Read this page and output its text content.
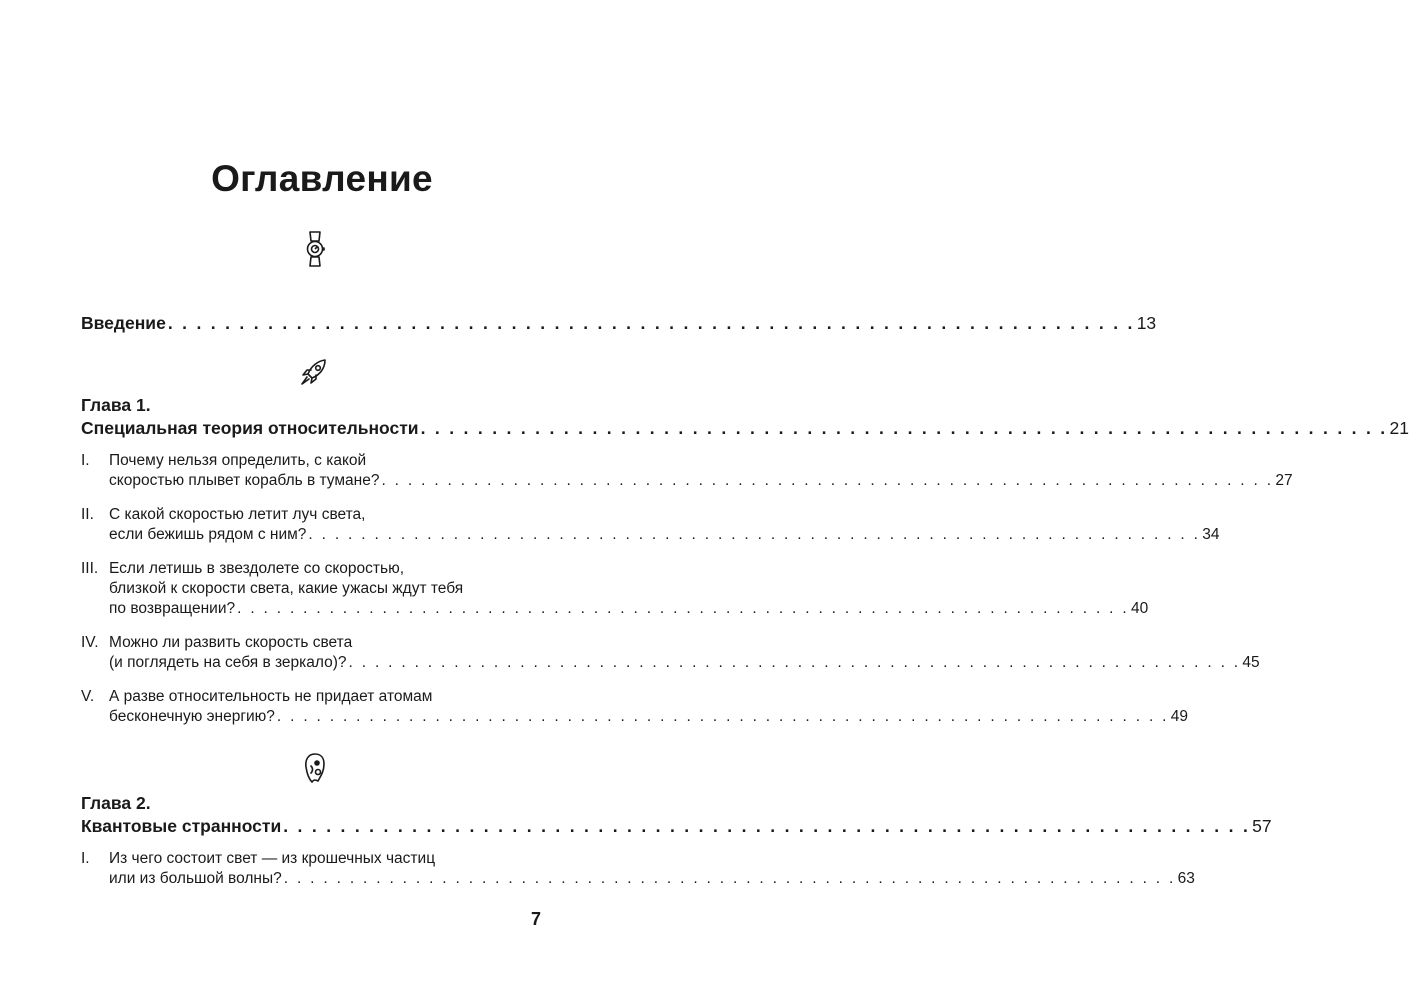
Оглавление
Введение . . . . . . . . . . . . . . . . . . . . . . . . . . . . . . . . . . . . . . . . . . . . . . . . . . . . . . . . . . . . . . . . . . . . 13
Глава 1.
Специальная теория относительности . . . . . . . . . . . . . . . . . . . . . . . . . . . . . . . . . . . . . . . . . . . . . . . . . . . . . . . . . . . . . . . . . . . . 21
I. Почему нельзя определить, с какой
скоростью плывет корабль в тумане? . . . . . . . . . . . . . . . . . . . . . . . . . . . . . . . . . . . . . . . . . . . . . . . . . . . . . . . . . . . . . . . . . . . . 27
II. С какой скоростью летит луч света,
если бежишь рядом с ним? . . . . . . . . . . . . . . . . . . . . . . . . . . . . . . . . . . . . . . . . . . . . . . . . . . . . . . . . . . . . . . . . . . . . 34
III. Если летишь в звездолете со скоростью,
близкой к скорости света, какие ужасы ждут тебя
по возвращении? . . . . . . . . . . . . . . . . . . . . . . . . . . . . . . . . . . . . . . . . . . . . . . . . . . . . . . . . . . . . . . . . . . . . 40
IV. Можно ли развить скорость света
(и поглядеть на себя в зеркало)? . . . . . . . . . . . . . . . . . . . . . . . . . . . . . . . . . . . . . . . . . . . . . . . . . . . . . . . . . . . . . . . . . . . . 45
V. А разве относительность не придает атомам
бесконечную энергию? . . . . . . . . . . . . . . . . . . . . . . . . . . . . . . . . . . . . . . . . . . . . . . . . . . . . . . . . . . . . . . . . . . . . 49
Глава 2.
Квантовые странности . . . . . . . . . . . . . . . . . . . . . . . . . . . . . . . . . . . . . . . . . . . . . . . . . . . . . . . . . . . . . . . . . . . . 57
I. Из чего состоит свет — из крошечных частиц
или из большой волны? . . . . . . . . . . . . . . . . . . . . . . . . . . . . . . . . . . . . . . . . . . . . . . . . . . . . . . . . . . . . . . . . . . . . 63
7
